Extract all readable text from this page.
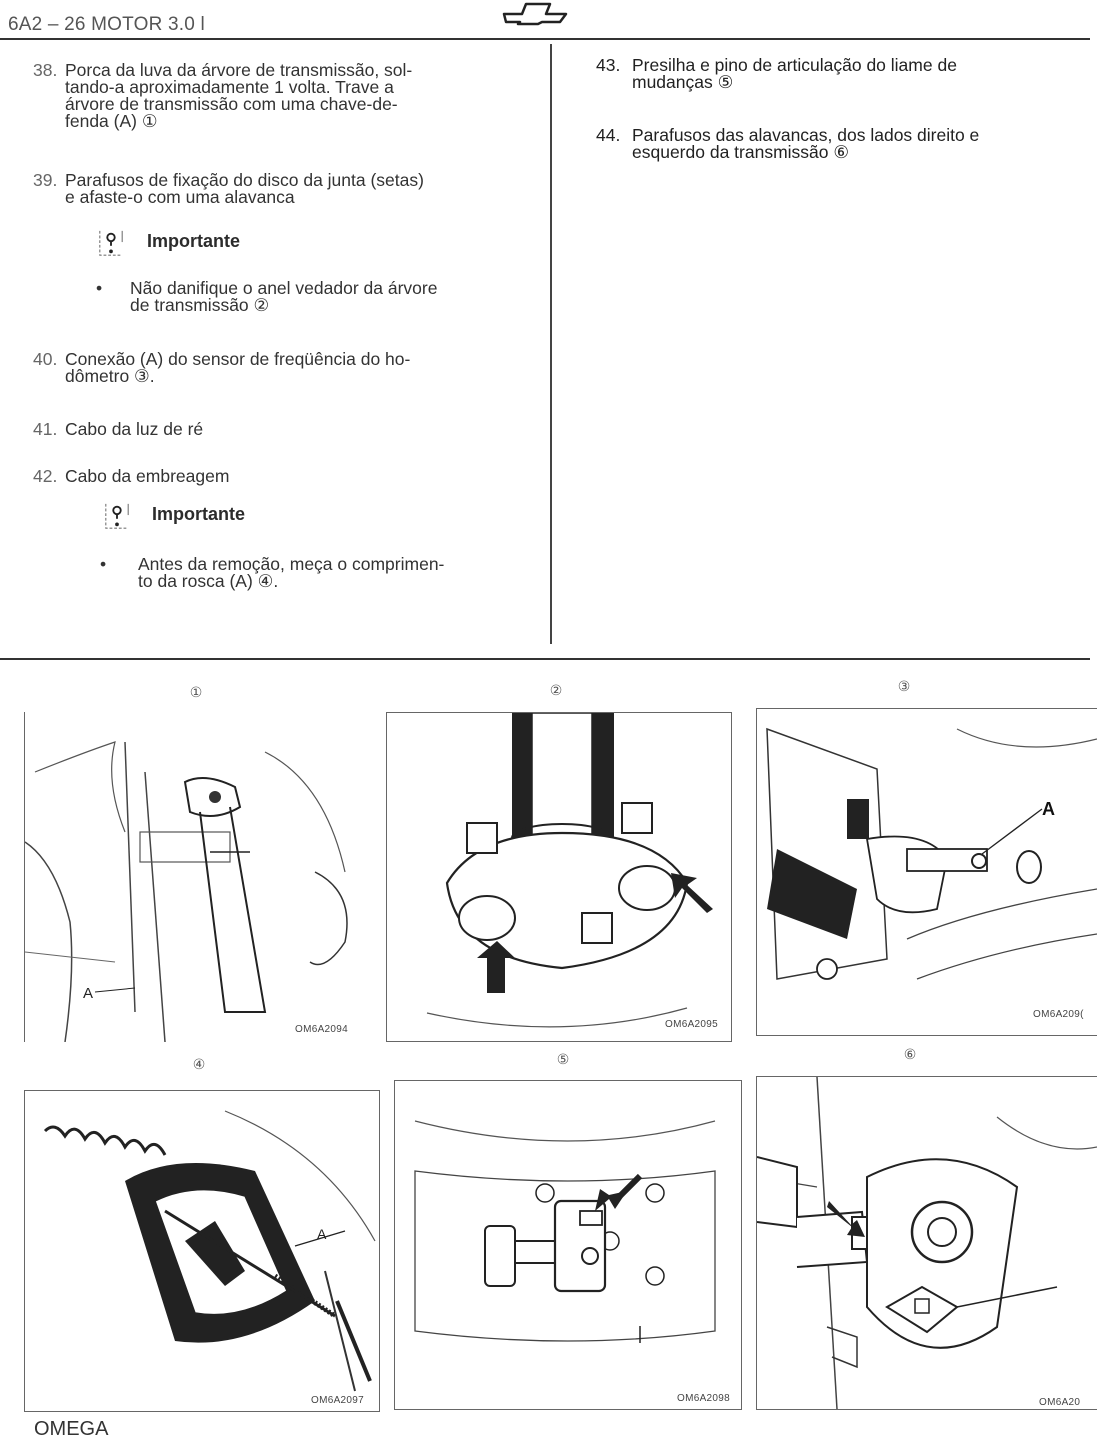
6A2 – 26 MOTOR 3.0 l
38. Porca da luva da árvore de transmissão, sol-
tando-a aproximadamente 1 volta. Trave a
árvore de transmissão com uma chave-de-
fenda (A) ①
39. Parafusos de fixação do disco da junta (setas)
e afaste-o com uma alavanca
Importante
• Não danifique o anel vedador da árvore
de transmissão ②
40. Conexão (A) do sensor de freqüência do ho-
dômetro ③.
41. Cabo da luz de ré
42. Cabo da embreagem
Importante
• Antes da remoção, meça o comprimen-
to da rosca (A) ④.
43. Presilha e pino de articulação do liame de
mudanças ⑤
44. Parafusos das alavancas, dos lados direito e
esquerdo da transmissão ⑥
①	②	③
④	⑤	⑥
A
OM6A2094	OM6A2095
A
OM6A209(
A
OM6A2097	OM6A2098	OM6A20
OMEGA
